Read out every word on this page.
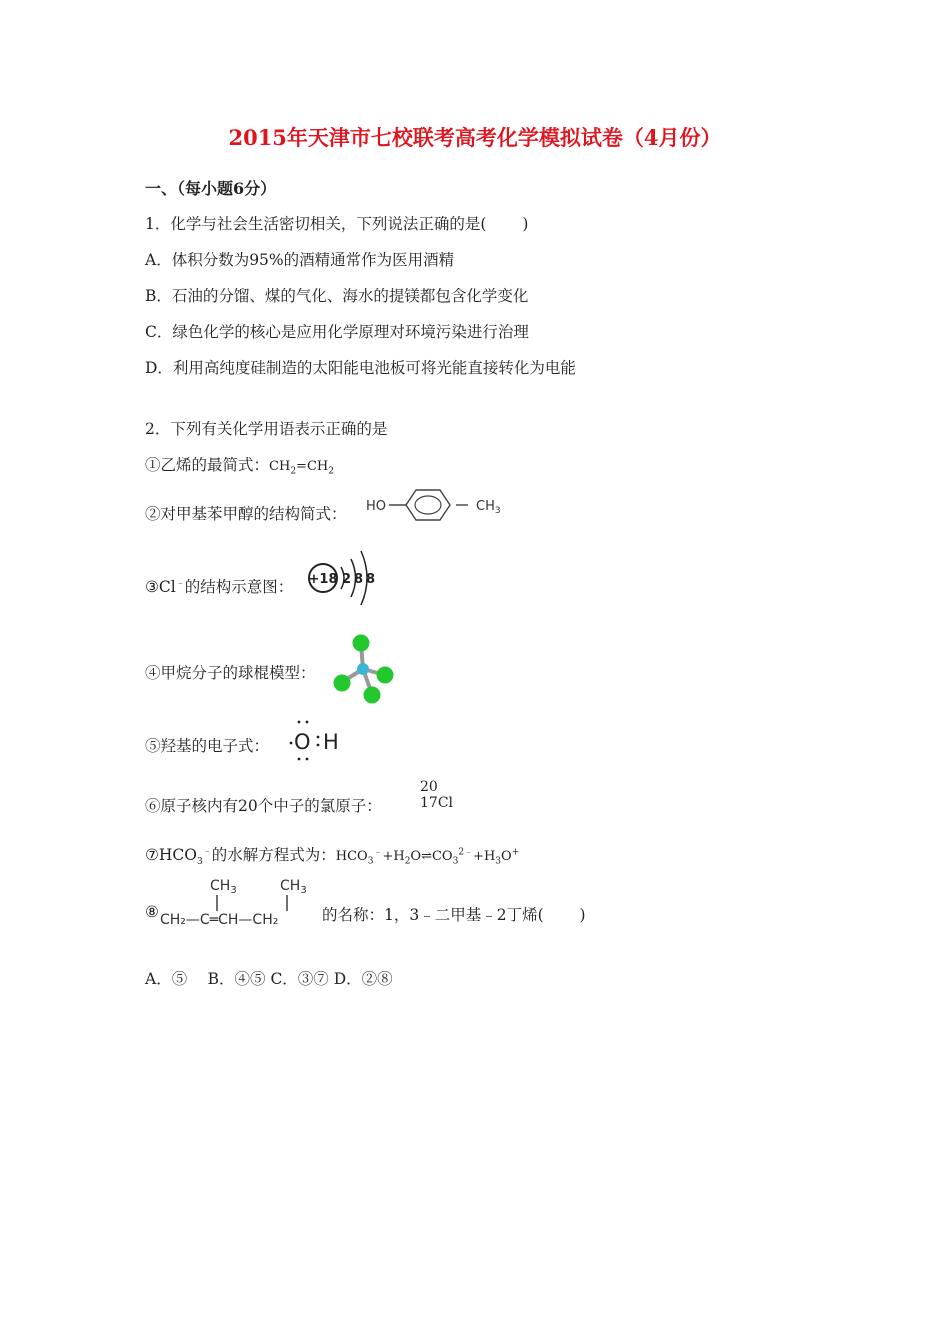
2015年天津市七校联考高考化学模拟试卷（4月份）
一、（每小题6分）
1．化学与社会生活密切相关，下列说法正确的是(　　 )
A．体积分数为95%的酒精通常作为医用酒精
B．石油的分馏、煤的气化、海水的提镁都包含化学变化
C．绿色化学的核心是应用化学原理对环境污染进行治理
D．利用高纯度硅制造的太阳能电池板可将光能直接转化为电能
2．下列有关化学用语表示正确的是
①乙烯的最简式：$CH_2=CH_2$
②对甲基苯甲醇的结构简式： HO	$CH_3$
③Cl﹣的结构示意图： +18 2 8 8
④甲烷分子的球棍模型：
⑤羟基的电子式： O H
⑥原子核内有20个中子的氯原子：
20
17Cl
$⑦HCO_3^﹣$的水解方程式为：$HCO_3^﹣+H_2O\rightleftharpoons CO_3^{2﹣}+H_3O^+$
⑧
$CH_3$	$CH_3$
CH₂—C═CH—CH₂	的名称：1，3﹣二甲基﹣2丁烯(　　 )
A．⑤　 B．④⑤ C．③⑦ D．②⑧
